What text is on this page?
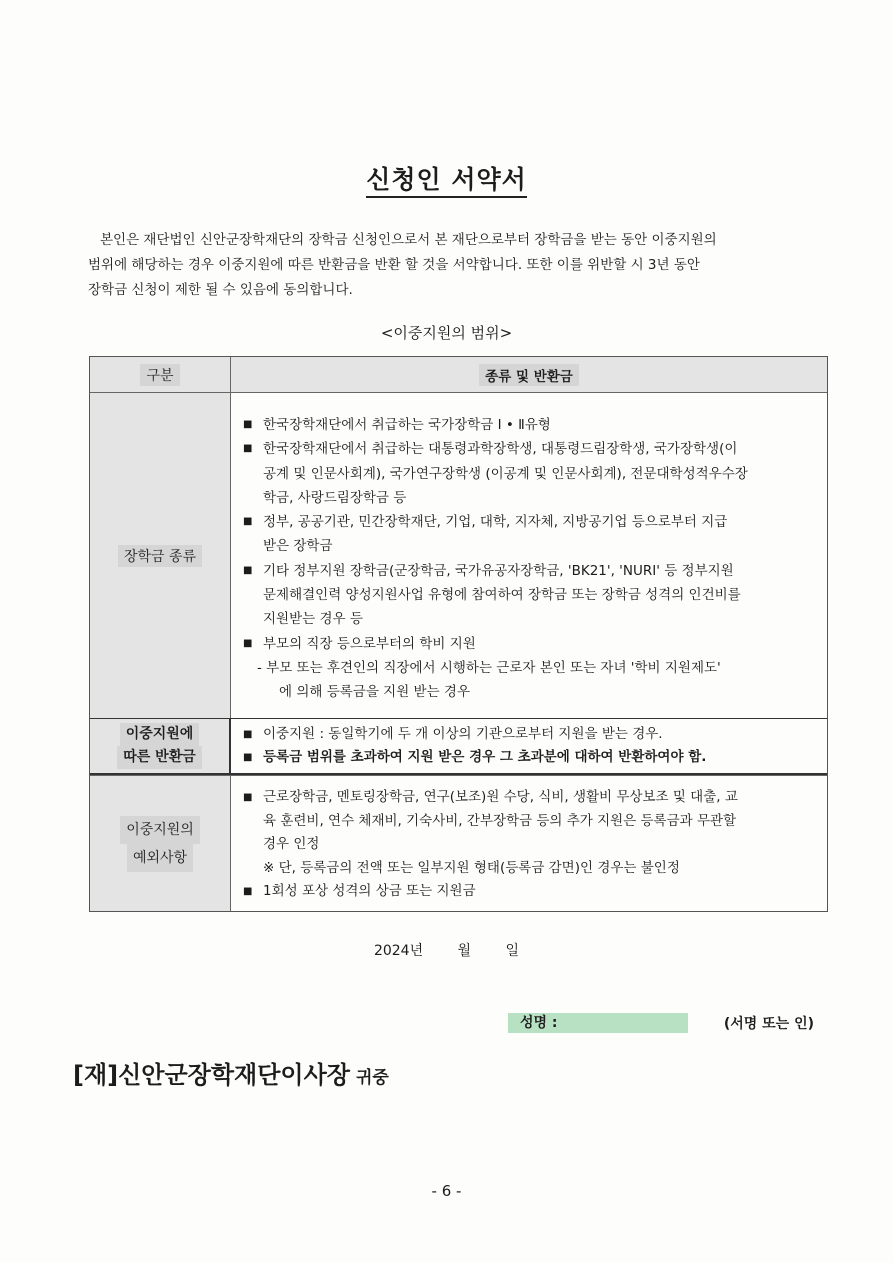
신청인 서약서
본인은 재단법인 신안군장학재단의 장학금 신청인으로서 본 재단으로부터 장학금을 받는 동안 이중지원의
범위에 해당하는 경우 이중지원에 따른 반환금을 반환 할 것을 서약합니다. 또한 이를 위반할 시 3년 동안
장학금 신청이 제한 될 수 있음에 동의합니다.
<이중지원의 범위>
구분	종류 및 반환금
장학금 종류
■ 한국장학재단에서 취급하는 국가장학금 Ⅰ • Ⅱ유형
■ 한국장학재단에서 취급하는 대통령과학장학생, 대통령드림장학생, 국가장학생(이
공계 및 인문사회계), 국가연구장학생 (이공계 및 인문사회계), 전문대학성적우수장
학금, 사랑드림장학금 등
■ 정부, 공공기관, 민간장학재단, 기업, 대학, 지자체, 지방공기업 등으로부터 지급
받은 장학금
■ 기타 정부지원 장학금(군장학금, 국가유공자장학금, 'BK21', 'NURI' 등 정부지원
문제해결인력 양성지원사업 유형에 참여하여 장학금 또는 장학금 성격의 인건비를
지원받는 경우 등
■ 부모의 직장 등으로부터의 학비 지원
- 부모 또는 후견인의 직장에서 시행하는 근로자 본인 또는 자녀 '학비 지원제도'
에 의해 등록금을 지원 받는 경우
이중지원에
따른 반환금
■ 이중지원 : 동일학기에 두 개 이상의 기관으로부터 지원을 받는 경우.
■ 등록금 범위를 초과하여 지원 받은 경우 그 초과분에 대하여 반환하여야 함.
이중지원의
예외사항
■ 근로장학금, 멘토링장학금, 연구(보조)원 수당, 식비, 생활비 무상보조 및 대출, 교
육 훈련비, 연수 체재비, 기숙사비, 간부장학금 등의 추가 지원은 등록금과 무관할
경우 인정
※ 단, 등록금의 전액 또는 일부지원 형태(등록금 감면)인 경우는 불인정
■ 1회성 포상 성격의 상금 또는 지원금
2024년 월 일
성명 :	(서명 또는 인)
[재]신안군장학재단이사장 귀중
- 6 -
